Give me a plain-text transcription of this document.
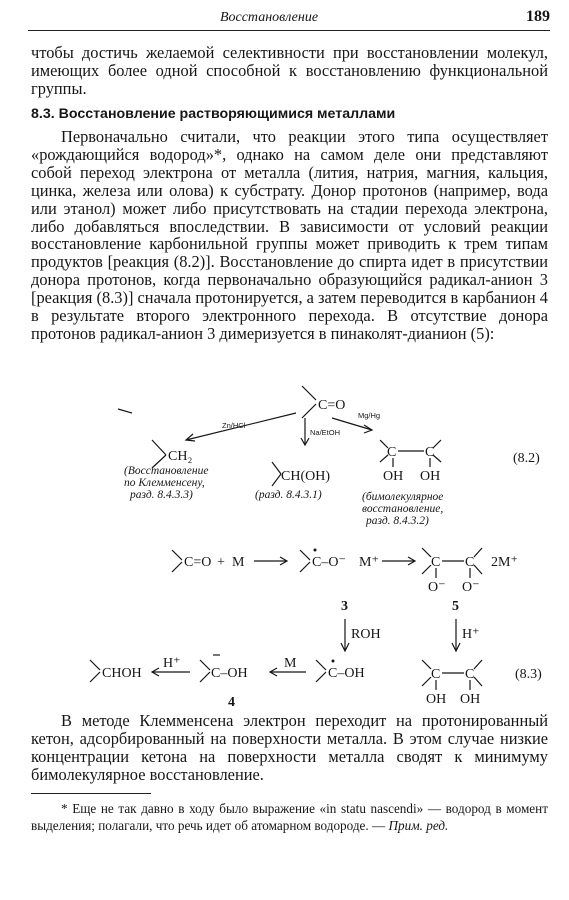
Восстановление	189
чтобы достичь желаемой селективности при восстановлении молекул, имеющих более одной способной к восстановлению функциональной группы.
8.3. Восстановление растворяющимися металлами
Первоначально считали, что реакции этого типа осуществляет «рождающийся водород»*, однако на самом деле они представляют собой переход электрона от металла (лития, натрия, магния, кальция, цинка, железа или олова) к субстрату. Донор протонов (например, вода или этанол) может либо присутствовать на стадии перехода электрона, либо добавляться впоследствии. В зависимости от условий реакции восстановление карбонильной группы может приводить к трем типам продуктов [реакция (8.2)]. Восстановление до спирта идет в присутствии донора протонов, когда первоначально образующийся радикал-анион 3 [реакция (8.3)] сначала протонируется, а затем переводится в карбанион 4 в результате второго электронного перехода. В отсутствие донора протонов радикал-анион 3 димеризуется в пинаколят-дианион (5):
C=O
Zn/HCl
Na/EtOH
Mg/Hg
CH₂
CH(OH)
C C
OH OH
(8.2)
(Восстановление
по Клемменсену,
разд. 8.4.3.3)	(разд. 8.4.3.1)	(бимолекулярное
восстановление,
разд. 8.4.3.2)
C=O + M	C–O⁻ M⁺	C C
O⁻ O⁻
2M⁺
3	5
ROH	H⁺
CHOH
H⁺
C–OH
4
M
C–OH	C C
OH OH
(8.3)
В методе Клемменсена электрон переходит на протонированный кетон, адсорбированный на поверхности металла. В этом случае низкие концентрации кетона на поверхности металла сводят к минимуму бимолекулярное восстановление.
* Еще не так давно в ходу было выражение «in statu nascendi» — водород в момент выделения; полагали, что речь идет об атомарном водороде. — Прим. ред.
